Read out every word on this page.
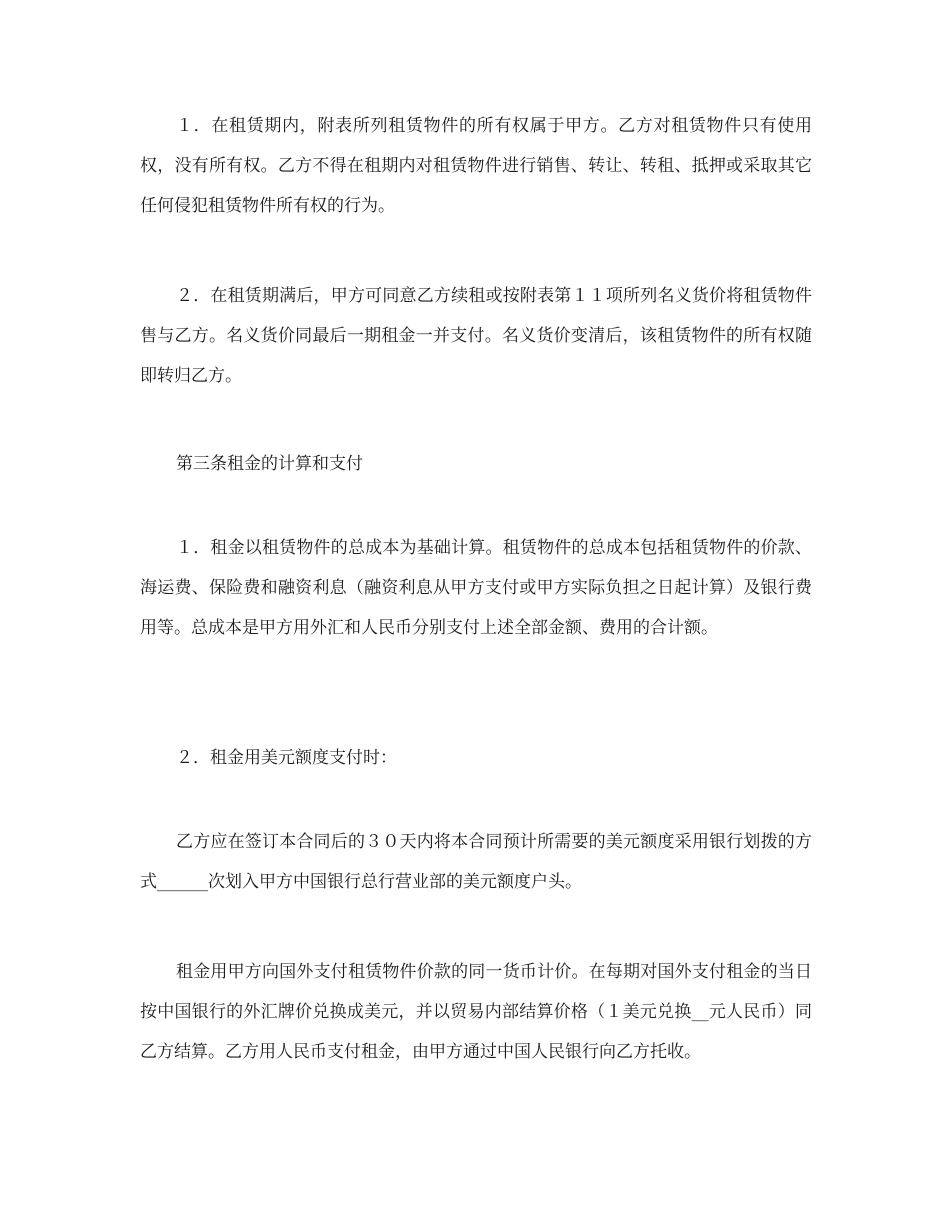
１．在租赁期内，附表所列租赁物件的所有权属于甲方。乙方对租赁物件只有使用权，没有所有权。乙方不得在租期内对租赁物件进行销售、转让、转租、抵押或采取其它任何侵犯租赁物件所有权的行为。

２．在租赁期满后，甲方可同意乙方续租或按附表第１１项所列名义货价将租赁物件售与乙方。名义货价同最后一期租金一并支付。名义货价变清后，该租赁物件的所有权随即转归乙方。

第三条租金的计算和支付

１．租金以租赁物件的总成本为基础计算。租赁物件的总成本包括租赁物件的价款、海运费、保险费和融资利息（融资利息从甲方支付或甲方实际负担之日起计算）及银行费用等。总成本是甲方用外汇和人民币分别支付上述全部金额、费用的合计额。

２．租金用美元额度支付时：

乙方应在签订本合同后的３０天内将本合同预计所需要的美元额度采用银行划拨的方式______次划入甲方中国银行总行营业部的美元额度户头。

租金用甲方向国外支付租赁物件价款的同一货币计价。在每期对国外支付租金的当日按中国银行的外汇牌价兑换成美元，并以贸易内部结算价格（１美元兑换__元人民币）同乙方结算。乙方用人民币支付租金，由甲方通过中国人民银行向乙方托收。
